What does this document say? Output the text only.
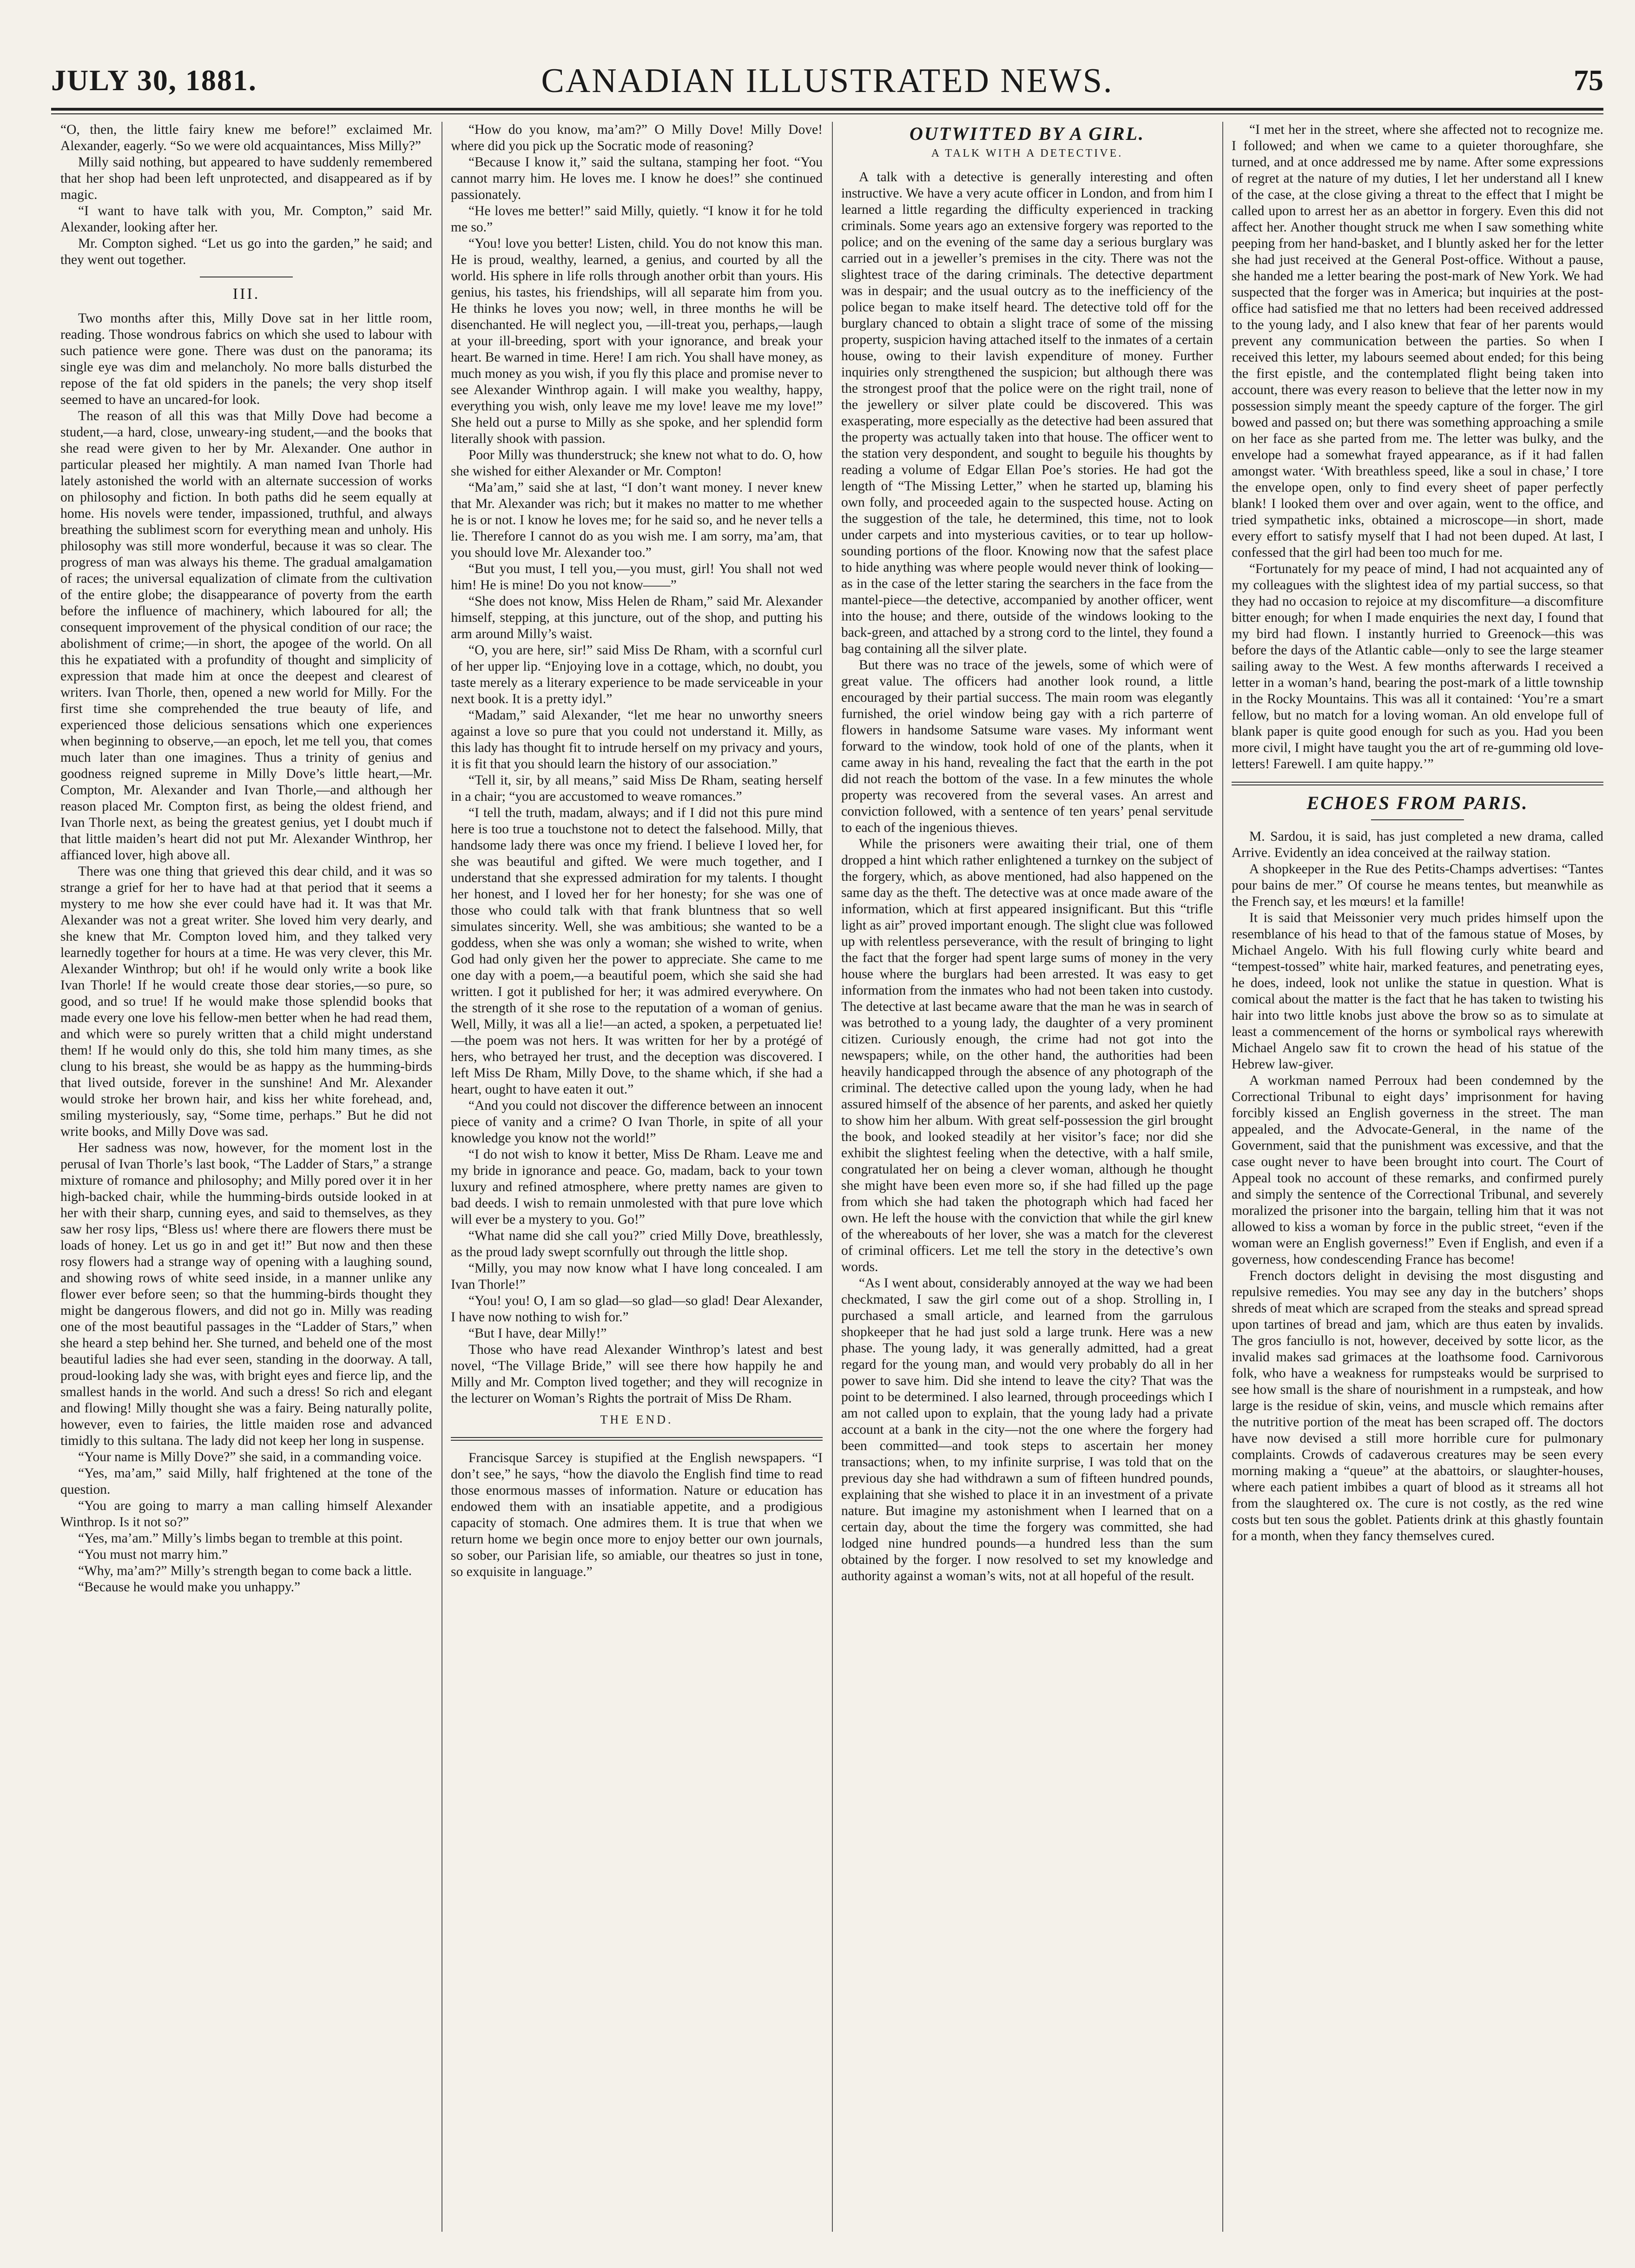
JULY 30, 1881.	CANADIAN ILLUSTRATED NEWS.	75

“O, then, the little fairy knew me before!” exclaimed Mr. Alexander, eagerly. “So we were old acquaintances, Miss Milly?”

Milly said nothing, but appeared to have suddenly remembered that her shop had been left unprotected, and disappeared as if by magic.

“I want to have talk with you, Mr. Compton,” said Mr. Alexander, looking after her.

Mr. Compton sighed. “Let us go into the garden,” he said; and they went out together.

III.

Two months after this, Milly Dove sat in her little room, reading. Those wondrous fabrics on which she used to labour with such patience were gone. There was dust on the panorama; its single eye was dim and melancholy. No more balls disturbed the repose of the fat old spiders in the panels; the very shop itself seemed to have an uncared-for look.

The reason of all this was that Milly Dove had become a student,—a hard, close, unweary-ing student,—and the books that she read were given to her by Mr. Alexander. One author in particular pleased her mightily. A man named Ivan Thorle had lately astonished the world with an alternate succession of works on philosophy and fiction. In both paths did he seem equally at home. His novels were tender, impassioned, truthful, and always breathing the sublimest scorn for everything mean and unholy. His philosophy was still more wonderful, because it was so clear. The progress of man was always his theme. The gradual amalgamation of races; the universal equalization of climate from the cultivation of the entire globe; the disappearance of poverty from the earth before the influence of machinery, which laboured for all; the consequent improvement of the physical condition of our race; the abolishment of crime;—in short, the apogee of the world. On all this he expatiated with a profundity of thought and simplicity of expression that made him at once the deepest and clearest of writers. Ivan Thorle, then, opened a new world for Milly. For the first time she comprehended the true beauty of life, and experienced those delicious sensations which one experiences when beginning to observe,—an epoch, let me tell you, that comes much later than one imagines. Thus a trinity of genius and goodness reigned supreme in Milly Dove’s little heart,—Mr. Compton, Mr. Alexander and Ivan Thorle,—and although her reason placed Mr. Compton first, as being the oldest friend, and Ivan Thorle next, as being the greatest genius, yet I doubt much if that little maiden’s heart did not put Mr. Alexander Winthrop, her affianced lover, high above all.

There was one thing that grieved this dear child, and it was so strange a grief for her to have had at that period that it seems a mystery to me how she ever could have had it. It was that Mr. Alexander was not a great writer. She loved him very dearly, and she knew that Mr. Compton loved him, and they talked very learnedly together for hours at a time. He was very clever, this Mr. Alexander Winthrop; but oh! if he would only write a book like Ivan Thorle! If he would create those dear stories,—so pure, so good, and so true! If he would make those splendid books that made every one love his fellow-men better when he had read them, and which were so purely written that a child might understand them! If he would only do this, she told him many times, as she clung to his breast, she would be as happy as the humming-birds that lived outside, forever in the sunshine! And Mr. Alexander would stroke her brown hair, and kiss her white forehead, and, smiling mysteriously, say, “Some time, perhaps.” But he did not write books, and Milly Dove was sad.

Her sadness was now, however, for the moment lost in the perusal of Ivan Thorle’s last book, “The Ladder of Stars,” a strange mixture of romance and philosophy; and Milly pored over it in her high-backed chair, while the humming-birds outside looked in at her with their sharp, cunning eyes, and said to themselves, as they saw her rosy lips, “Bless us! where there are flowers there must be loads of honey. Let us go in and get it!” But now and then these rosy flowers had a strange way of opening with a laughing sound, and showing rows of white seed inside, in a manner unlike any flower ever before seen; so that the humming-birds thought they might be dangerous flowers, and did not go in. Milly was reading one of the most beautiful passages in the “Ladder of Stars,” when she heard a step behind her. She turned, and beheld one of the most beautiful ladies she had ever seen, standing in the doorway. A tall, proud-looking lady she was, with bright eyes and fierce lip, and the smallest hands in the world. And such a dress! So rich and elegant and flowing! Milly thought she was a fairy. Being naturally polite, however, even to fairies, the little maiden rose and advanced timidly to this sultana. The lady did not keep her long in suspense.

“Your name is Milly Dove?” she said, in a commanding voice.

“Yes, ma’am,” said Milly, half frightened at the tone of the question.

“You are going to marry a man calling himself Alexander Winthrop. Is it not so?”

“Yes, ma’am.” Milly’s limbs began to tremble at this point.

“You must not marry him.”

“Why, ma’am?” Milly’s strength began to come back a little.

“Because he would make you unhappy.”

“How do you know, ma’am?” O Milly Dove! Milly Dove! where did you pick up the Socratic mode of reasoning?

“Because I know it,” said the sultana, stamping her foot. “You cannot marry him. He loves me. I know he does!” she continued passionately.

“He loves me better!” said Milly, quietly. “I know it for he told me so.”

“You! love you better! Listen, child. You do not know this man. He is proud, wealthy, learned, a genius, and courted by all the world. His sphere in life rolls through another orbit than yours. His genius, his tastes, his friendships, will all separate him from you. He thinks he loves you now; well, in three months he will be disenchanted. He will neglect you, —ill-treat you, perhaps,—laugh at your ill-breeding, sport with your ignorance, and break your heart. Be warned in time. Here! I am rich. You shall have money, as much money as you wish, if you fly this place and promise never to see Alexander Winthrop again. I will make you wealthy, happy, everything you wish, only leave me my love! leave me my love!” She held out a purse to Milly as she spoke, and her splendid form literally shook with passion.

Poor Milly was thunderstruck; she knew not what to do. O, how she wished for either Alexander or Mr. Compton!

“Ma’am,” said she at last, “I don’t want money. I never knew that Mr. Alexander was rich; but it makes no matter to me whether he is or not. I know he loves me; for he said so, and he never tells a lie. Therefore I cannot do as you wish me. I am sorry, ma’am, that you should love Mr. Alexander too.”

“But you must, I tell you,—you must, girl! You shall not wed him! He is mine! Do you not know——”

“She does not know, Miss Helen de Rham,” said Mr. Alexander himself, stepping, at this juncture, out of the shop, and putting his arm around Milly’s waist.

“O, you are here, sir!” said Miss De Rham, with a scornful curl of her upper lip. “Enjoying love in a cottage, which, no doubt, you taste merely as a literary experience to be made serviceable in your next book. It is a pretty idyl.”

“Madam,” said Alexander, “let me hear no unworthy sneers against a love so pure that you could not understand it. Milly, as this lady has thought fit to intrude herself on my privacy and yours, it is fit that you should learn the history of our association.”

“Tell it, sir, by all means,” said Miss De Rham, seating herself in a chair; “you are accustomed to weave romances.”

“I tell the truth, madam, always; and if I did not this pure mind here is too true a touchstone not to detect the falsehood. Milly, that handsome lady there was once my friend. I believe I loved her, for she was beautiful and gifted. We were much together, and I understand that she expressed admiration for my talents. I thought her honest, and I loved her for her honesty; for she was one of those who could talk with that frank bluntness that so well simulates sincerity. Well, she was ambitious; she wanted to be a goddess, when she was only a woman; she wished to write, when God had only given her the power to appreciate. She came to me one day with a poem,—a beautiful poem, which she said she had written. I got it published for her; it was admired everywhere. On the strength of it she rose to the reputation of a woman of genius. Well, Milly, it was all a lie!—an acted, a spoken, a perpetuated lie!—the poem was not hers. It was written for her by a protégé of hers, who betrayed her trust, and the deception was discovered. I left Miss De Rham, Milly Dove, to the shame which, if she had a heart, ought to have eaten it out.”

“And you could not discover the difference between an innocent piece of vanity and a crime? O Ivan Thorle, in spite of all your knowledge you know not the world!”

“I do not wish to know it better, Miss De Rham. Leave me and my bride in ignorance and peace. Go, madam, back to your town luxury and refined atmosphere, where pretty names are given to bad deeds. I wish to remain unmolested with that pure love which will ever be a mystery to you. Go!”

“What name did she call you?” cried Milly Dove, breathlessly, as the proud lady swept scornfully out through the little shop.

“Milly, you may now know what I have long concealed. I am Ivan Thorle!”

“You! you! O, I am so glad—so glad—so glad! Dear Alexander, I have now nothing to wish for.”

“But I have, dear Milly!”

Those who have read Alexander Winthrop’s latest and best novel, “The Village Bride,” will see there how happily he and Milly and Mr. Compton lived together; and they will recognize in the lecturer on Woman’s Rights the portrait of Miss De Rham.

THE END.

Francisque Sarcey is stupified at the English newspapers. “I don’t see,” he says, “how the diavolo the English find time to read those enormous masses of information. Nature or education has endowed them with an insatiable appetite, and a prodigious capacity of stomach. One admires them. It is true that when we return home we begin once more to enjoy better our own journals, so sober, our Parisian life, so amiable, our theatres so just in tone, so exquisite in language.”

OUTWITTED BY A GIRL.
A TALK WITH A DETECTIVE.

A talk with a detective is generally interesting and often instructive. We have a very acute officer in London, and from him I learned a little regarding the difficulty experienced in tracking criminals. Some years ago an extensive forgery was reported to the police; and on the evening of the same day a serious burglary was carried out in a jeweller’s premises in the city. There was not the slightest trace of the daring criminals. The detective department was in despair; and the usual outcry as to the inefficiency of the police began to make itself heard. The detective told off for the burglary chanced to obtain a slight trace of some of the missing property, suspicion having attached itself to the inmates of a certain house, owing to their lavish expenditure of money. Further inquiries only strengthened the suspicion; but although there was the strongest proof that the police were on the right trail, none of the jewellery or silver plate could be discovered. This was exasperating, more especially as the detective had been assured that the property was actually taken into that house. The officer went to the station very despondent, and sought to beguile his thoughts by reading a volume of Edgar Ellan Poe’s stories. He had got the length of “The Missing Letter,” when he started up, blaming his own folly, and proceeded again to the suspected house. Acting on the suggestion of the tale, he determined, this time, not to look under carpets and into mysterious cavities, or to tear up hollow-sounding portions of the floor. Knowing now that the safest place to hide anything was where people would never think of looking—as in the case of the letter staring the searchers in the face from the mantel-piece—the detective, accompanied by another officer, went into the house; and there, outside of the windows looking to the back-green, and attached by a strong cord to the lintel, they found a bag containing all the silver plate.

But there was no trace of the jewels, some of which were of great value. The officers had another look round, a little encouraged by their partial success. The main room was elegantly furnished, the oriel window being gay with a rich parterre of flowers in handsome Satsume ware vases. My informant went forward to the window, took hold of one of the plants, when it came away in his hand, revealing the fact that the earth in the pot did not reach the bottom of the vase. In a few minutes the whole property was recovered from the several vases. An arrest and conviction followed, with a sentence of ten years’ penal servitude to each of the ingenious thieves.

While the prisoners were awaiting their trial, one of them dropped a hint which rather enlightened a turnkey on the subject of the forgery, which, as above mentioned, had also happened on the same day as the theft. The detective was at once made aware of the information, which at first appeared insignificant. But this “trifle light as air” proved important enough. The slight clue was followed up with relentless perseverance, with the result of bringing to light the fact that the forger had spent large sums of money in the very house where the burglars had been arrested. It was easy to get information from the inmates who had not been taken into custody. The detective at last became aware that the man he was in search of was betrothed to a young lady, the daughter of a very prominent citizen. Curiously enough, the crime had not got into the newspapers; while, on the other hand, the authorities had been heavily handicapped through the absence of any photograph of the criminal. The detective called upon the young lady, when he had assured himself of the absence of her parents, and asked her quietly to show him her album. With great self-possession the girl brought the book, and looked steadily at her visitor’s face; nor did she exhibit the slightest feeling when the detective, with a half smile, congratulated her on being a clever woman, although he thought she might have been even more so, if she had filled up the page from which she had taken the photograph which had faced her own. He left the house with the conviction that while the girl knew of the whereabouts of her lover, she was a match for the cleverest of criminal officers. Let me tell the story in the detective’s own words.

“As I went about, considerably annoyed at the way we had been checkmated, I saw the girl come out of a shop. Strolling in, I purchased a small article, and learned from the garrulous shopkeeper that he had just sold a large trunk. Here was a new phase. The young lady, it was generally admitted, had a great regard for the young man, and would very probably do all in her power to save him. Did she intend to leave the city? That was the point to be determined. I also learned, through proceedings which I am not called upon to explain, that the young lady had a private account at a bank in the city—not the one where the forgery had been committed—and took steps to ascertain her money transactions; when, to my infinite surprise, I was told that on the previous day she had withdrawn a sum of fifteen hundred pounds, explaining that she wished to place it in an investment of a private nature. But imagine my astonishment when I learned that on a certain day, about the time the forgery was committed, she had lodged nine hundred pounds—a hundred less than the sum obtained by the forger. I now resolved to set my knowledge and authority against a woman’s wits, not at all hopeful of the result.

“I met her in the street, where she affected not to recognize me. I followed; and when we came to a quieter thoroughfare, she turned, and at once addressed me by name. After some expressions of regret at the nature of my duties, I let her understand all I knew of the case, at the close giving a threat to the effect that I might be called upon to arrest her as an abettor in forgery. Even this did not affect her. Another thought struck me when I saw something white peeping from her hand-basket, and I bluntly asked her for the letter she had just received at the General Post-office. Without a pause, she handed me a letter bearing the post-mark of New York. We had suspected that the forger was in America; but inquiries at the post-office had satisfied me that no letters had been received addressed to the young lady, and I also knew that fear of her parents would prevent any communication between the parties. So when I received this letter, my labours seemed about ended; for this being the first epistle, and the contemplated flight being taken into account, there was every reason to believe that the letter now in my possession simply meant the speedy capture of the forger. The girl bowed and passed on; but there was something approaching a smile on her face as she parted from me. The letter was bulky, and the envelope had a somewhat frayed appearance, as if it had fallen amongst water. ‘With breathless speed, like a soul in chase,’ I tore the envelope open, only to find every sheet of paper perfectly blank! I looked them over and over again, went to the office, and tried sympathetic inks, obtained a microscope—in short, made every effort to satisfy myself that I had not been duped. At last, I confessed that the girl had been too much for me.

“Fortunately for my peace of mind, I had not acquainted any of my colleagues with the slightest idea of my partial success, so that they had no occasion to rejoice at my discomfiture—a discomfiture bitter enough; for when I made enquiries the next day, I found that my bird had flown. I instantly hurried to Greenock—this was before the days of the Atlantic cable—only to see the large steamer sailing away to the West. A few months afterwards I received a letter in a woman’s hand, bearing the post-mark of a little township in the Rocky Mountains. This was all it contained: ‘You’re a smart fellow, but no match for a loving woman. An old envelope full of blank paper is quite good enough for such as you. Had you been more civil, I might have taught you the art of re-gumming old love-letters! Farewell. I am quite happy.’”

ECHOES FROM PARIS.

M. Sardou, it is said, has just completed a new drama, called Arrive. Evidently an idea conceived at the railway station.

A shopkeeper in the Rue des Petits-Champs advertises: “Tantes pour bains de mer.” Of course he means tentes, but meanwhile as the French say, et les mœurs! et la famille!

It is said that Meissonier very much prides himself upon the resemblance of his head to that of the famous statue of Moses, by Michael Angelo. With his full flowing curly white beard and “tempest-tossed” white hair, marked features, and penetrating eyes, he does, indeed, look not unlike the statue in question. What is comical about the matter is the fact that he has taken to twisting his hair into two little knobs just above the brow so as to simulate at least a commencement of the horns or symbolical rays wherewith Michael Angelo saw fit to crown the head of his statue of the Hebrew law-giver.

A workman named Perroux had been condemned by the Correctional Tribunal to eight days’ imprisonment for having forcibly kissed an English governess in the street. The man appealed, and the Advocate-General, in the name of the Government, said that the punishment was excessive, and that the case ought never to have been brought into court. The Court of Appeal took no account of these remarks, and confirmed purely and simply the sentence of the Correctional Tribunal, and severely moralized the prisoner into the bargain, telling him that it was not allowed to kiss a woman by force in the public street, “even if the woman were an English governess!” Even if English, and even if a governess, how condescending France has become!

French doctors delight in devising the most disgusting and repulsive remedies. You may see any day in the butchers’ shops shreds of meat which are scraped from the steaks and spread spread upon tartines of bread and jam, which are thus eaten by invalids. The gros fanciullo is not, however, deceived by sotte licor, as the invalid makes sad grimaces at the loathsome food. Carnivorous folk, who have a weakness for rumpsteaks would be surprised to see how small is the share of nourishment in a rumpsteak, and how large is the residue of skin, veins, and muscle which remains after the nutritive portion of the meat has been scraped off. The doctors have now devised a still more horrible cure for pulmonary complaints. Crowds of cadaverous creatures may be seen every morning making a “queue” at the abattoirs, or slaughter-houses, where each patient imbibes a quart of blood as it streams all hot from the slaughtered ox. The cure is not costly, as the red wine costs but ten sous the goblet. Patients drink at this ghastly fountain for a month, when they fancy themselves cured.
